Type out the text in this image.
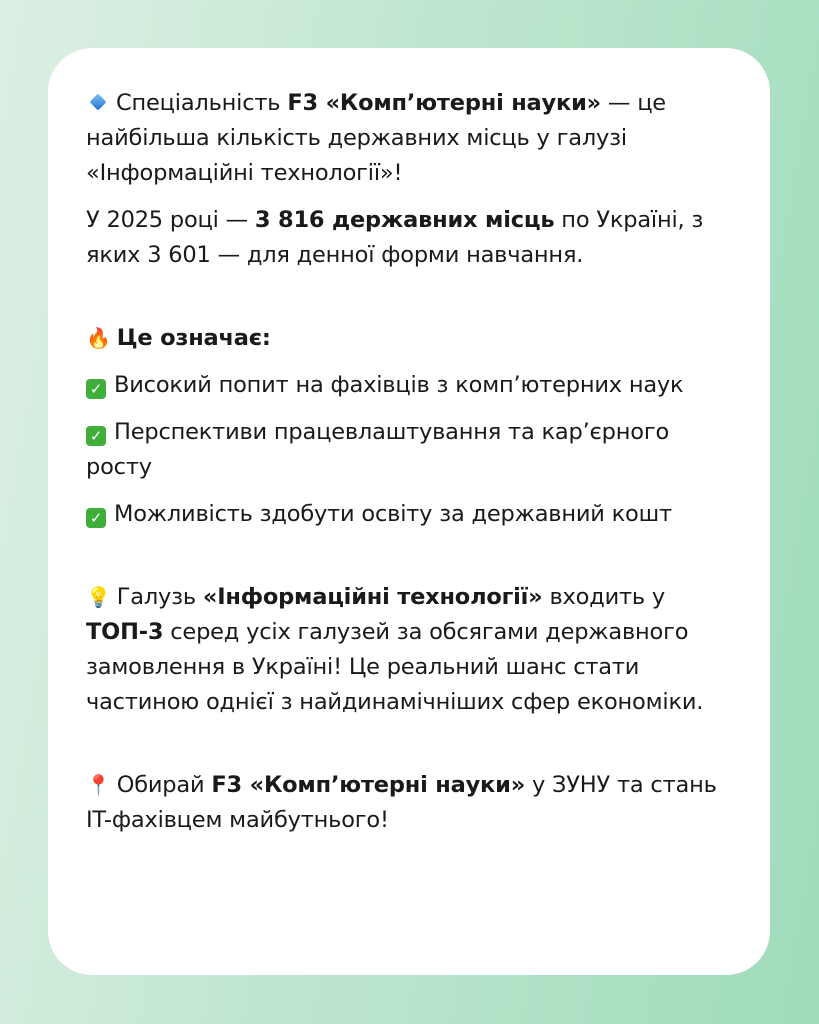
Спеціальність F3 «Комп’ютерні науки» — це найбільша кількість державних місць у галузі «Інформаційні технології»!

У 2025 році — 3 816 державних місць по Україні, з яких 3 601 — для денної форми навчання.

🔥 Це означає:

✓ Високий попит на фахівців з комп’ютерних наук

✓ Перспективи працевлаштування та кар’єрного росту

✓ Можливість здобути освіту за державний кошт

💡 Галузь «Інформаційні технології» входить у ТОП-3 серед усіх галузей за обсягами державного замовлення в Україні! Це реальний шанс стати частиною однієї з найдинамічніших сфер економіки.

📍 Обирай F3 «Комп’ютерні науки» у ЗУНУ та стань IT-фахівцем майбутнього!
